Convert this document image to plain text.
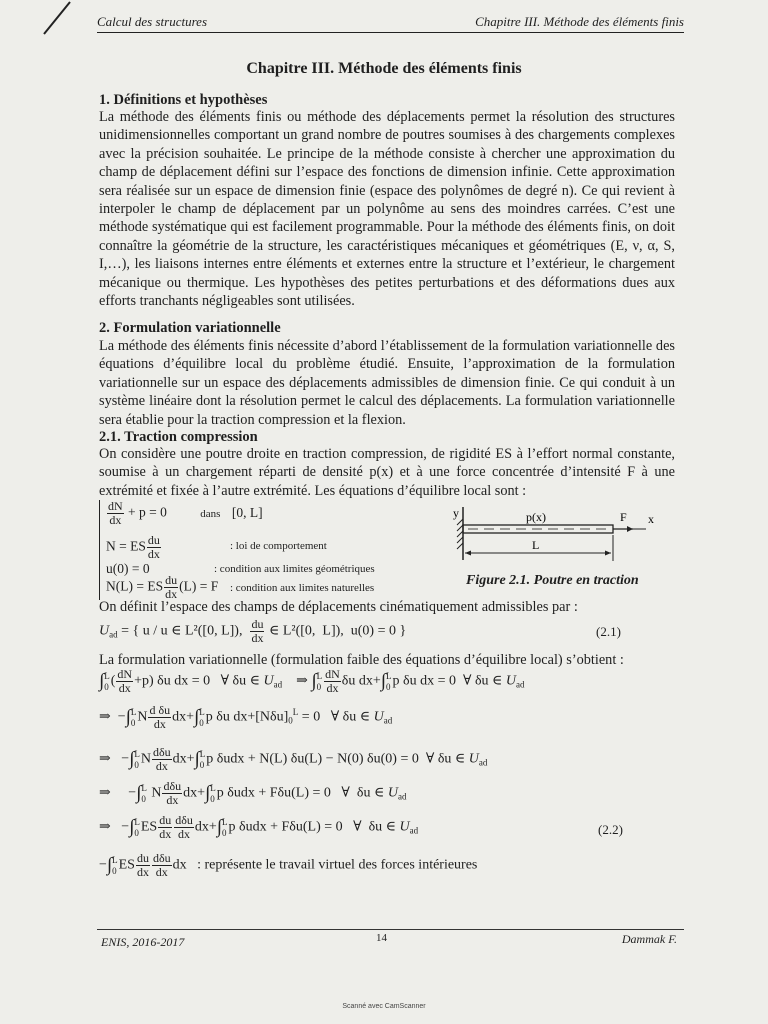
Calcul des structures	Chapitre III. Méthode des éléments finis
Chapitre III. Méthode des éléments finis
1. Définitions et hypothèses
La méthode des éléments finis ou méthode des déplacements permet la résolution des structures unidimensionnelles comportant un grand nombre de poutres soumises à des chargements complexes avec la précision souhaitée. Le principe de la méthode consiste à chercher une approximation du champ de déplacement défini sur l’espace des fonctions de dimension infinie. Cette approximation sera réalisée sur un espace de dimension finie (espace des polynômes de degré n). Ce qui revient à interpoler le champ de déplacement par un polynôme au sens des moindres carrées. C’est une méthode systématique qui est facilement programmable. Pour la méthode des éléments finis, on doit connaître la géométrie de la structure, les caractéristiques mécaniques et géométriques (E, ν, α, S, I,…), les liaisons internes entre éléments et externes entre la structure et l’extérieur, le chargement mécanique ou thermique. Les hypothèses des petites perturbations et des déformations dues aux efforts tranchants négligeables sont utilisées.
2. Formulation variationnelle
La méthode des éléments finis nécessite d’abord l’établissement de la formulation variationnelle des équations d’équilibre local du problème étudié. Ensuite, l’approximation de la formulation variationnelle sur un espace des déplacements admissibles de dimension finie. Ce qui conduit à un système linéaire dont la résolution permet le calcul des déplacements. La formulation variationnelle sera établie pour la traction compression et la flexion.
2.1. Traction compression
On considère une poutre droite en traction compression, de rigidité ES à l’effort normal constante, soumise à un chargement réparti de densité p(x) et à une force concentrée d’intensité F à une extrémité et fixée à l’autre extrémité. Les équations d’équilibre local sont :
$\frac{dN}{dx} + p = 0$	dans [0, L]
N = ES $\frac{du}{dx}$	: loi de comportement
u(0) = 0	: condition aux limites géométriques
N(L) = ES $\frac{du}{dx} (L) = F$ : condition aux limites naturelles
y	p(x)	F x
L
Figure 2.1. Poutre en traction
On définit l’espace des champs de déplacements cinématiquement admissibles par :
$U_{ad}$ = { u / u ∈ L²([0, L]), $\frac{du}{dx}$ ∈ L²([0,  L]),  u(0) = 0 }	(2.1)
La formulation variationnelle (formulation faible des équations d’équilibre local) s’obtient :
∫ L
0 ( $\frac{dN}{dx} +p$) δu dx = 0   ∀ δu ∈ $U_{ad}$    ⇒ ∫ L
$0 \frac{dN}{dx}$ δu dx+∫ L
0 p δu dx = 0  ∀ δu ∈ $U_{ad}$
⇒  −∫ L
0 N $\frac{\text{d δu}}{dx} dx+\int$ L
0 p δu $dx+[N\delta u]_0^L = 0$   ∀ δu ∈ $U_{ad}$
⇒   −∫ L
0 N $\frac{\text{dδu}}{dx} dx+\int$ L
0 p δudx + N(L) δu(L) − N(0) δu(0) = 0  ∀ δu ∈ $U_{ad}$
⇒     −∫ L
0 N $\frac{\text{dδu}}{dx} dx+\int$ L
0 p δudx + Fδu(L) = 0   ∀  δu ∈ $U_{ad}$
⇒   −∫ L
0 ES $\frac{du}{dx} \frac{\text{dδu}}{dx} dx+\int$ L
0 p δudx + Fδu(L) = 0   ∀  δu ∈ $U_{ad}$	(2.2)
−∫ L
0 ES $\frac{du}{dx} \frac{\text{dδu}}{dx}$ dx   : représente le travail virtuel des forces intérieures
ENIS, 2016-2017	14	Dammak F.
Scanné avec CamScanner
